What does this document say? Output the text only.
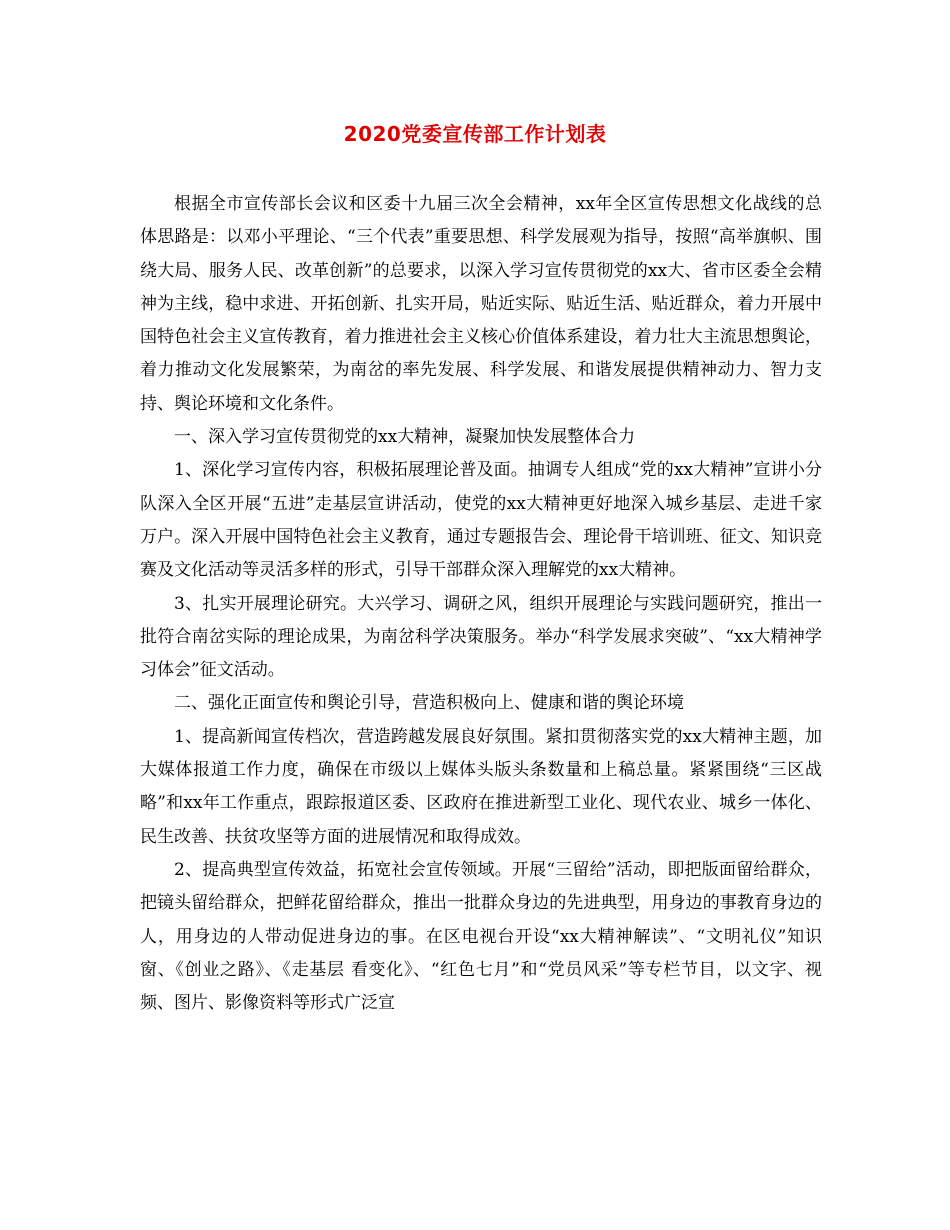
2020党委宣传部工作计划表

根据全市宣传部长会议和区委十九届三次全会精神，xx年全区宣传思想文化战线的总体思路是：以邓小平理论、“三个代表”重要思想、科学发展观为指导，按照“高举旗帜、围绕大局、服务人民、改革创新”的总要求，以深入学习宣传贯彻党的xx大、省市区委全会精神为主线，稳中求进、开拓创新、扎实开局，贴近实际、贴近生活、贴近群众，着力开展中国特色社会主义宣传教育，着力推进社会主义核心价值体系建设，着力壮大主流思想舆论，着力推动文化发展繁荣，为南岔的率先发展、科学发展、和谐发展提供精神动力、智力支持、舆论环境和文化条件。

一、深入学习宣传贯彻党的xx大精神，凝聚加快发展整体合力

1、深化学习宣传内容，积极拓展理论普及面。抽调专人组成“党的xx大精神”宣讲小分队深入全区开展“五进”走基层宣讲活动，使党的xx大精神更好地深入城乡基层、走进千家万户。深入开展中国特色社会主义教育，通过专题报告会、理论骨干培训班、征文、知识竞赛及文化活动等灵活多样的形式，引导干部群众深入理解党的xx大精神。

3、扎实开展理论研究。大兴学习、调研之风，组织开展理论与实践问题研究，推出一批符合南岔实际的理论成果，为南岔科学决策服务。举办“科学发展求突破”、“xx大精神学习体会”征文活动。

二、强化正面宣传和舆论引导，营造积极向上、健康和谐的舆论环境

1、提高新闻宣传档次，营造跨越发展良好氛围。紧扣贯彻落实党的xx大精神主题，加大媒体报道工作力度，确保在市级以上媒体头版头条数量和上稿总量。紧紧围绕“三区战略”和xx年工作重点，跟踪报道区委、区政府在推进新型工业化、现代农业、城乡一体化、民生改善、扶贫攻坚等方面的进展情况和取得成效。

2、提高典型宣传效益，拓宽社会宣传领域。开展“三留给”活动，即把版面留给群众，把镜头留给群众，把鲜花留给群众，推出一批群众身边的先进典型，用身边的事教育身边的人，用身边的人带动促进身边的事。在区电视台开设“xx大精神解读”、“文明礼仪”知识窗、《创业之路》、《走基层 看变化》、“红色七月”和“党员风采”等专栏节目，以文字、视频、图片、影像资料等形式广泛宣
